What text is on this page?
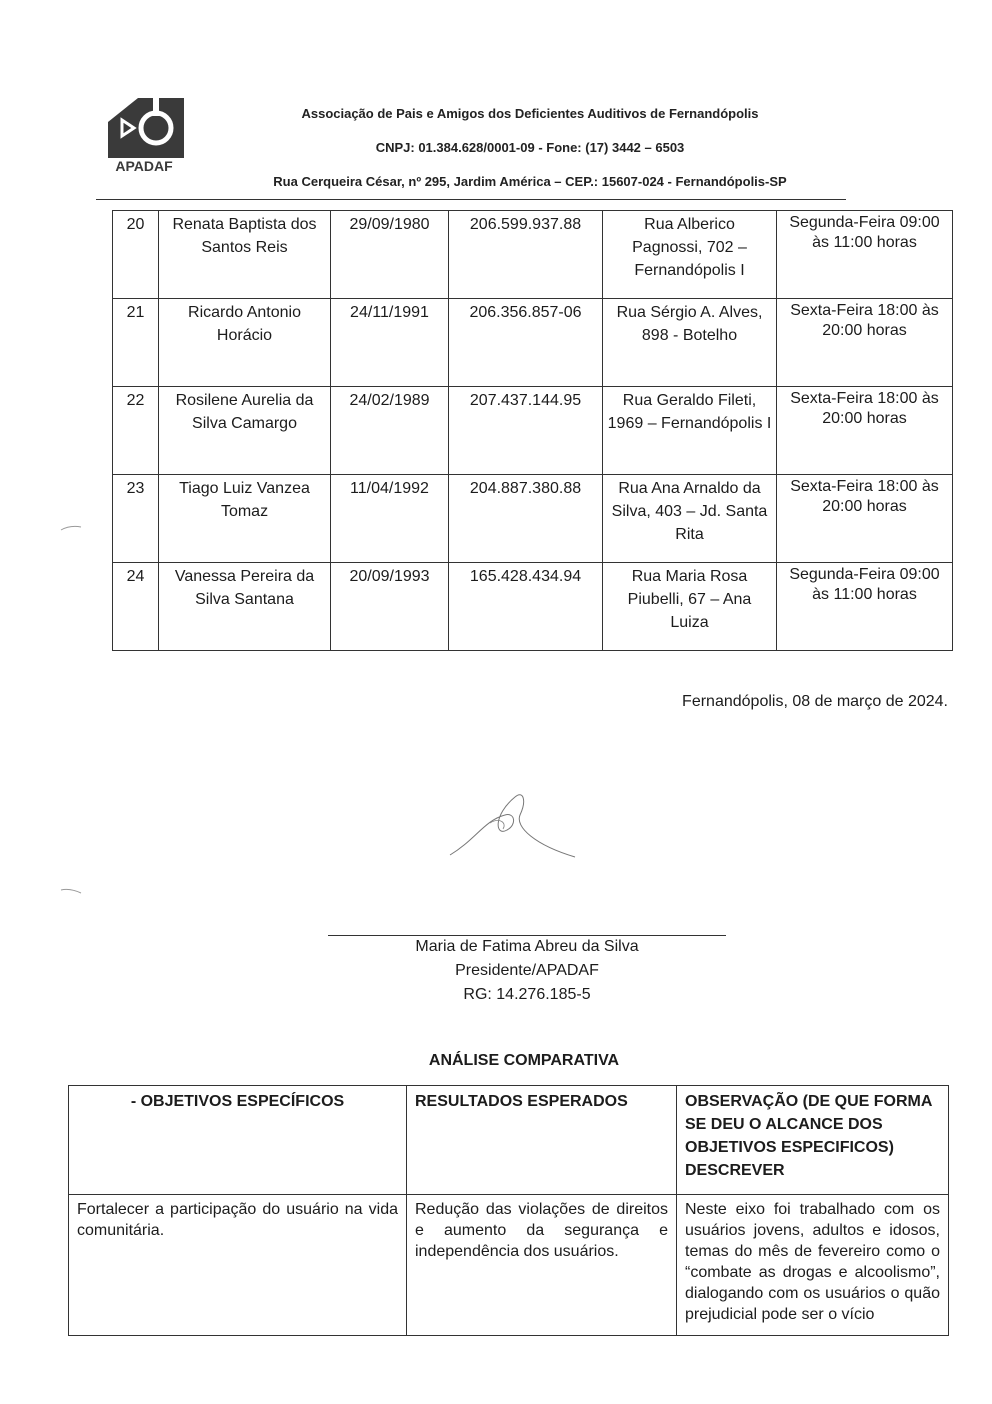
APADAF
Associação de Pais e Amigos dos Deficientes Auditivos de Fernandópolis
CNPJ: 01.384.628/0001-09 - Fone: (17) 3442 – 6503
Rua Cerqueira César, nº 295, Jardim América – CEP.: 15607-024 - Fernandópolis-SP
20	Renata Baptista dos Santos Reis	29/09/1980	206.599.937.88	Rua Alberico Pagnossi, 702 – Fernandópolis I	Segunda-Feira 09:00 às 11:00 horas
21	Ricardo Antonio Horácio	24/11/1991	206.356.857-06	Rua Sérgio A. Alves, 898 - Botelho	Sexta-Feira 18:00 às 20:00 horas
22	Rosilene Aurelia da Silva Camargo	24/02/1989	207.437.144.95	Rua Geraldo Fileti, 1969 – Fernandópolis I	Sexta-Feira 18:00 às 20:00 horas
23	Tiago Luiz Vanzea Tomaz	11/04/1992	204.887.380.88	Rua Ana Arnaldo da Silva, 403 – Jd. Santa Rita	Sexta-Feira 18:00 às 20:00 horas
24	Vanessa Pereira da Silva Santana	20/09/1993	165.428.434.94	Rua Maria Rosa Piubelli, 67 – Ana Luiza	Segunda-Feira 09:00 às 11:00 horas
Fernandópolis, 08 de março de 2024.
Maria de Fatima Abreu da Silva
Presidente/APADAF
RG: 14.276.185-5
ANÁLISE COMPARATIVA
- OBJETIVOS ESPECÍFICOS	RESULTADOS ESPERADOS	OBSERVAÇÃO (DE QUE FORMA SE DEU O ALCANCE DOS OBJETIVOS ESPECIFICOS) DESCREVER

Fortalecer a participação do usuário na vida comunitária.	Redução das violações de direitos e aumento da segurança e independência dos usuários.	Neste eixo foi trabalhado com os usuários jovens, adultos e idosos, temas do mês de fevereiro como o “combate as drogas e alcoolismo”, dialogando com os usuários o quão prejudicial pode ser o vício
